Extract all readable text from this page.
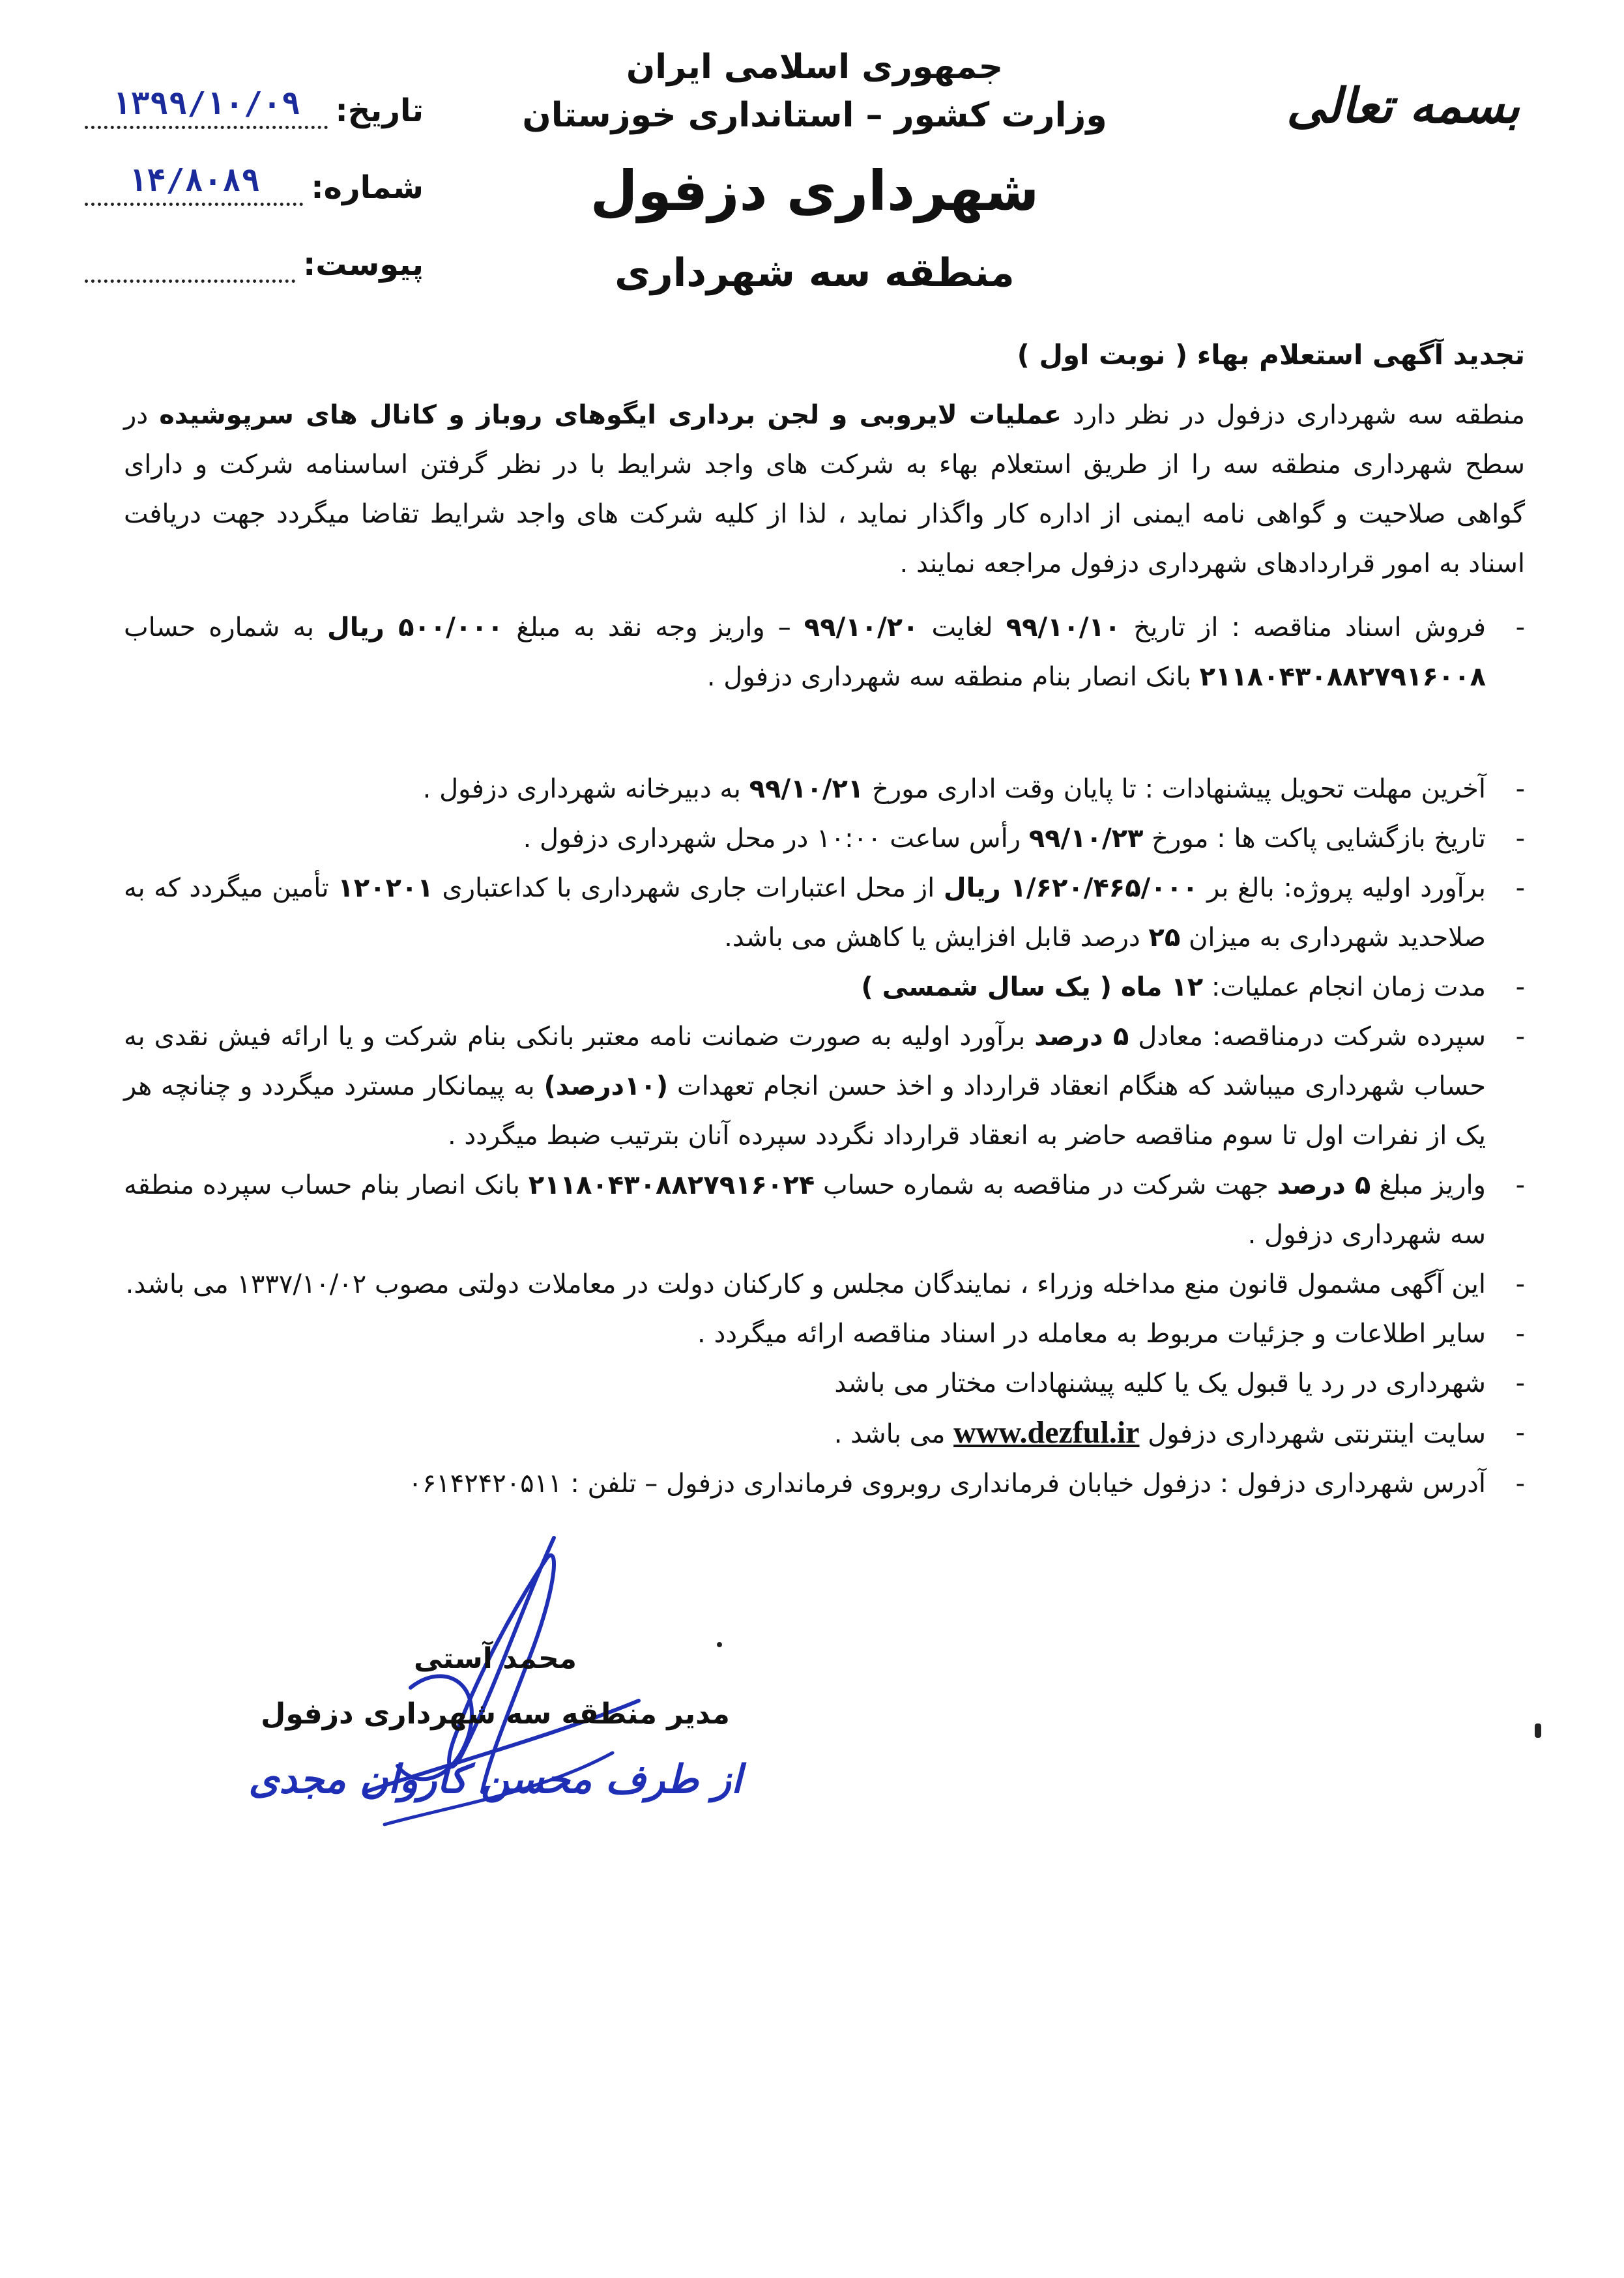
بسمه تعالی
جمهوری اسلامی ایران
وزارت کشور – استانداری خوزستان
شهرداری دزفول
منطقه سه شهرداری
تاریخ:
۱۳۹۹/۱۰/۰۹
شماره:
۱۴/۸۰۸۹
پیوست:
تجدید آگهی استعلام بهاء ( نوبت اول )
منطقه سه شهرداری دزفول در نظر دارد عملیات لایروبی و لجن برداری ایگوهای روباز و کانال های سرپوشیده در سطح شهرداری منطقه سه را از طریق استعلام بهاء به شرکت های واجد شرایط با در نظر گرفتن اساسنامه شرکت و دارای گواهی صلاحیت و گواهی نامه ایمنی از اداره کار واگذار نماید ، لذا از کلیه شرکت های واجد شرایط تقاضا میگردد جهت دریافت اسناد به امور قراردادهای شهرداری دزفول مراجعه نمایند .
- فروش اسناد مناقصه : از تاریخ ۹۹/۱۰/۱۰ لغایت ۹۹/۱۰/۲۰ – واریز وجه نقد به مبلغ ۵۰۰/۰۰۰ ریال به شماره حساب ۲۱۱۸۰۴۳۰۸۸۲۷۹۱۶۰۰۸ بانک انصار بنام منطقه سه شهرداری دزفول .
- آخرین مهلت تحویل پیشنهادات : تا پایان وقت اداری مورخ ۹۹/۱۰/۲۱ به دبیرخانه شهرداری دزفول .
- تاریخ بازگشایی پاکت ها : مورخ ۹۹/۱۰/۲۳ رأس ساعت ۱۰:۰۰ در محل شهرداری دزفول .
- برآورد اولیه پروژه: بالغ بر ۱/۶۲۰/۴۶۵/۰۰۰ ریال از محل اعتبارات جاری شهرداری با کداعتباری ۱۲۰۲۰۱ تأمین میگردد که به صلاحدید شهرداری به میزان ۲۵ درصد قابل افزایش یا کاهش می باشد.
- مدت زمان انجام عملیات: ۱۲ ماه ( یک سال شمسی )
- سپرده شرکت درمناقصه: معادل ۵ درصد برآورد اولیه به صورت ضمانت نامه معتبر بانکی بنام شرکت و یا ارائه فیش نقدی به حساب شهرداری میباشد که هنگام انعقاد قرارداد و اخذ حسن انجام تعهدات (۱۰درصد) به پیمانکار مسترد میگردد و چنانچه هر یک از نفرات اول تا سوم مناقصه حاضر به انعقاد قرارداد نگردد سپرده آنان بترتیب ضبط میگردد .
- واریز مبلغ ۵ درصد جهت شرکت در مناقصه به شماره حساب ۲۱۱۸۰۴۳۰۸۸۲۷۹۱۶۰۲۴ بانک انصار بنام حساب سپرده منطقه سه شهرداری دزفول .
- این آگهی مشمول قانون منع مداخله وزراء ، نمایندگان مجلس و کارکنان دولت در معاملات دولتی مصوب ۱۳۳۷/۱۰/۰۲ می باشد.
- سایر اطلاعات و جزئیات مربوط به معامله در اسناد مناقصه ارائه میگردد .
- شهرداری در رد یا قبول یک یا کلیه پیشنهادات مختار می باشد
- سایت اینترنتی شهرداری دزفول www.dezful.ir می باشد .
- آدرس شهرداری دزفول : دزفول خیابان فرمانداری روبروی فرمانداری دزفول – تلفن : ۰۶۱۴۲۴۲۰۵۱۱
محمد آستی
مدیر منطقه سه شهرداری دزفول
از طرف محسن کاروان مجدی
